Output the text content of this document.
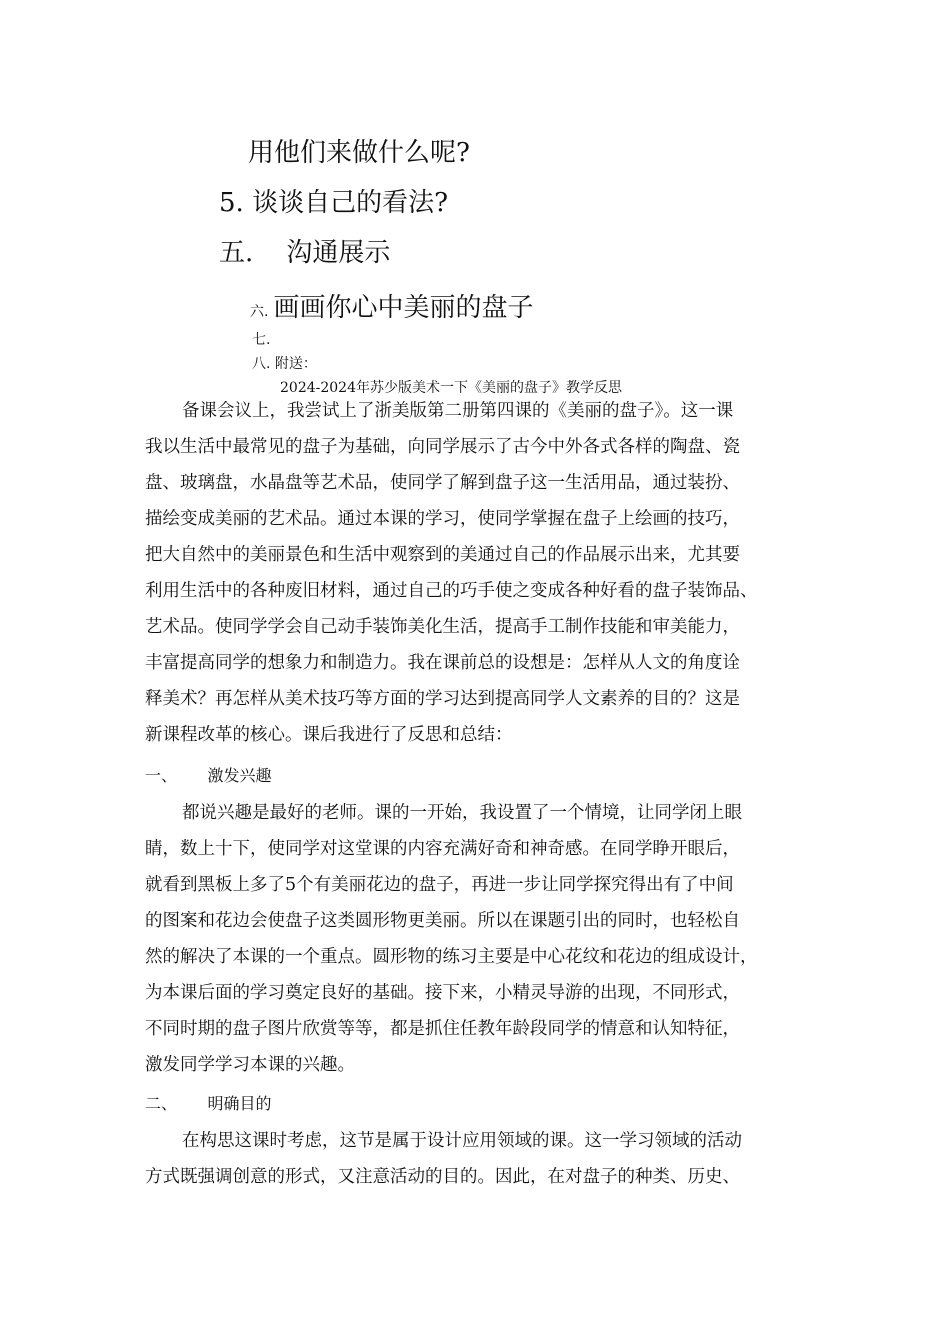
用他们来做什么呢?
5. 谈谈自己的看法?
五.    沟通展示
六. 画画你心中美丽的盘子
七.
八. 附送：
2024-2024年苏少版美术一下《美丽的盘子》教学反思
备课会议上，我尝试上了浙美版第二册第四课的《美丽的盘子》。这一课
我以生活中最常见的盘子为基础，向同学展示了古今中外各式各样的陶盘、瓷
盘、玻璃盘，水晶盘等艺术品，使同学了解到盘子这一生活用品，通过装扮、
描绘变成美丽的艺术品。通过本课的学习，使同学掌握在盘子上绘画的技巧，
把大自然中的美丽景色和生活中观察到的美通过自己的作品展示出来，尤其要
利用生活中的各种废旧材料，通过自己的巧手使之变成各种好看的盘子装饰品、
艺术品。使同学学会自己动手装饰美化生活，提高手工制作技能和审美能力，
丰富提高同学的想象力和制造力。我在课前总的设想是：怎样从人文的角度诠
释美术？再怎样从美术技巧等方面的学习达到提高同学人文素养的目的？这是
新课程改革的核心。课后我进行了反思和总结：
一、      激发兴趣
都说兴趣是最好的老师。课的一开始，我设置了一个情境，让同学闭上眼
睛，数上十下，使同学对这堂课的内容充满好奇和神奇感。在同学睁开眼后，
就看到黑板上多了5个有美丽花边的盘子，再进一步让同学探究得出有了中间
的图案和花边会使盘子这类圆形物更美丽。所以在课题引出的同时，也轻松自
然的解决了本课的一个重点。圆形物的练习主要是中心花纹和花边的组成设计，
为本课后面的学习奠定良好的基础。接下来，小精灵导游的出现，不同形式，
不同时期的盘子图片欣赏等等，都是抓住任教年龄段同学的情意和认知特征，
激发同学学习本课的兴趣。
二、      明确目的
在构思这课时考虑，这节是属于设计应用领域的课。这一学习领域的活动
方式既强调创意的形式，又注意活动的目的。因此，在对盘子的种类、历史、
